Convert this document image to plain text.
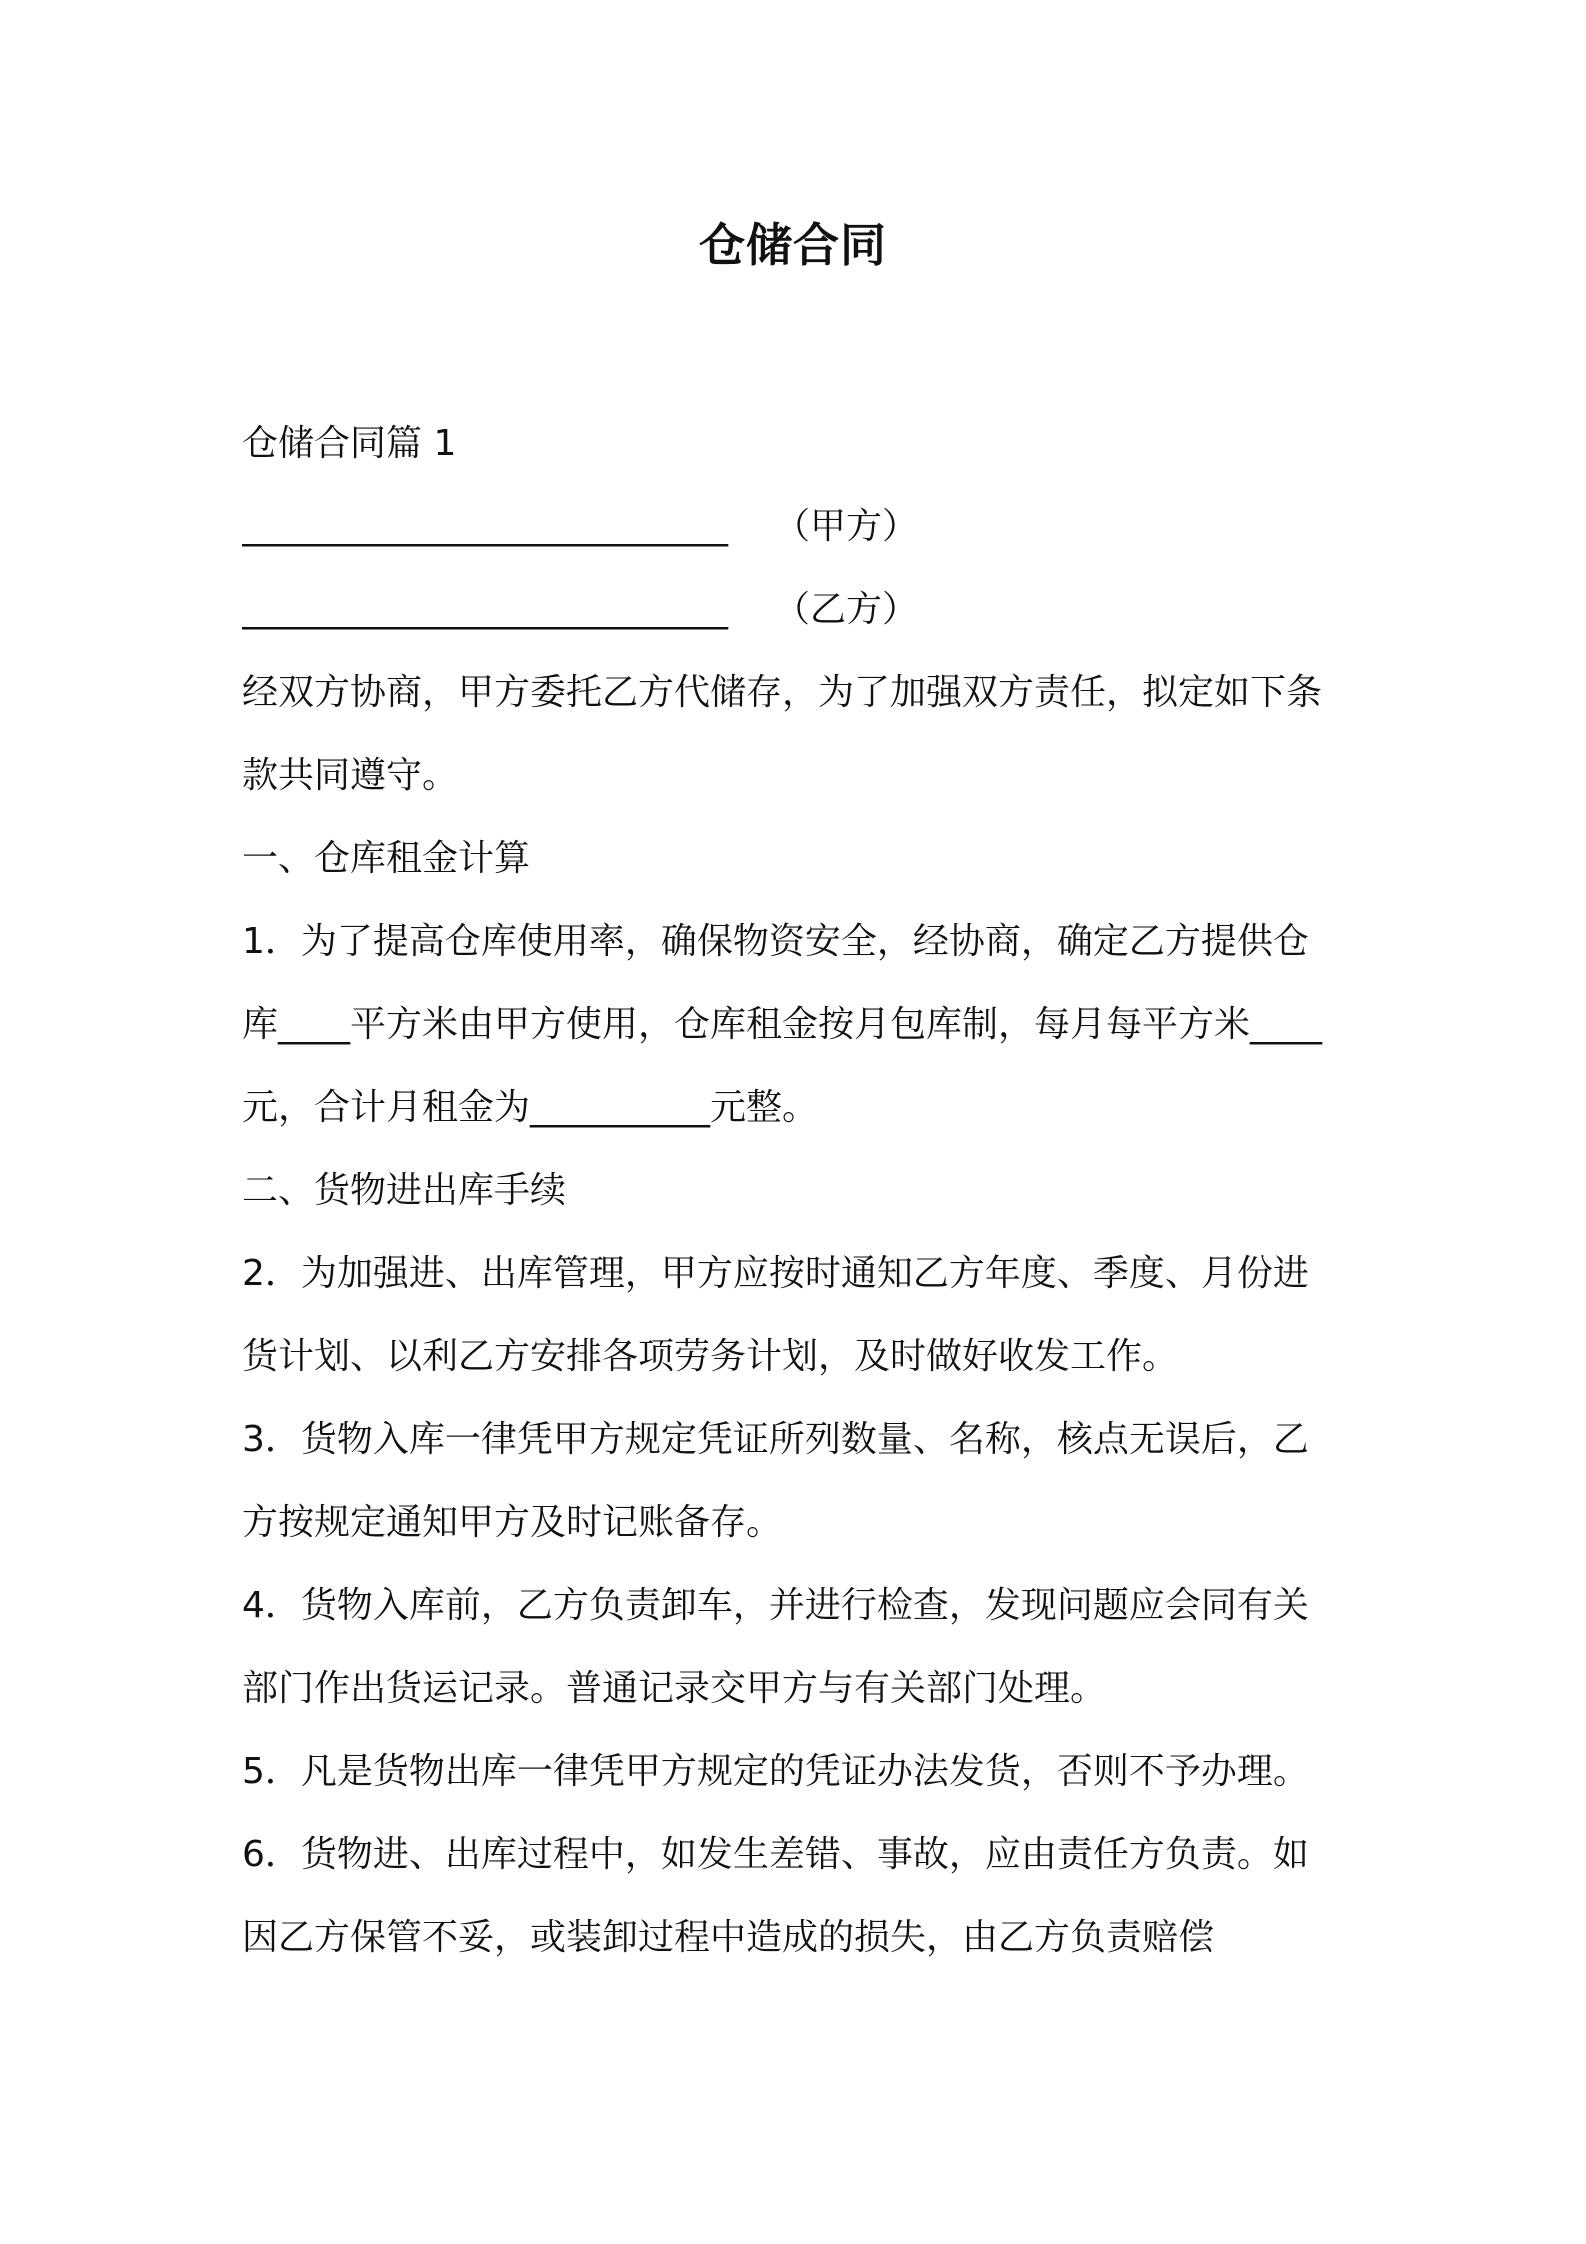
仓储合同
仓储合同篇 1
___________________________ （甲方）
___________________________ （乙方）
经双方协商，甲方委托乙方代储存，为了加强双方责任，拟定如下条
款共同遵守。
一、仓库租金计算
1．为了提高仓库使用率，确保物资安全，经协商，确定乙方提供仓
库____平方米由甲方使用，仓库租金按月包库制，每月每平方米____
元，合计月租金为__________元整。
二、货物进出库手续
2．为加强进、出库管理，甲方应按时通知乙方年度、季度、月份进
货计划、以利乙方安排各项劳务计划，及时做好收发工作。
3．货物入库一律凭甲方规定凭证所列数量、名称，核点无误后，乙
方按规定通知甲方及时记账备存。
4．货物入库前，乙方负责卸车，并进行检查，发现问题应会同有关
部门作出货运记录。普通记录交甲方与有关部门处理。
5．凡是货物出库一律凭甲方规定的凭证办法发货，否则不予办理。
6．货物进、出库过程中，如发生差错、事故，应由责任方负责。如
因乙方保管不妥，或装卸过程中造成的损失，由乙方负责赔偿
